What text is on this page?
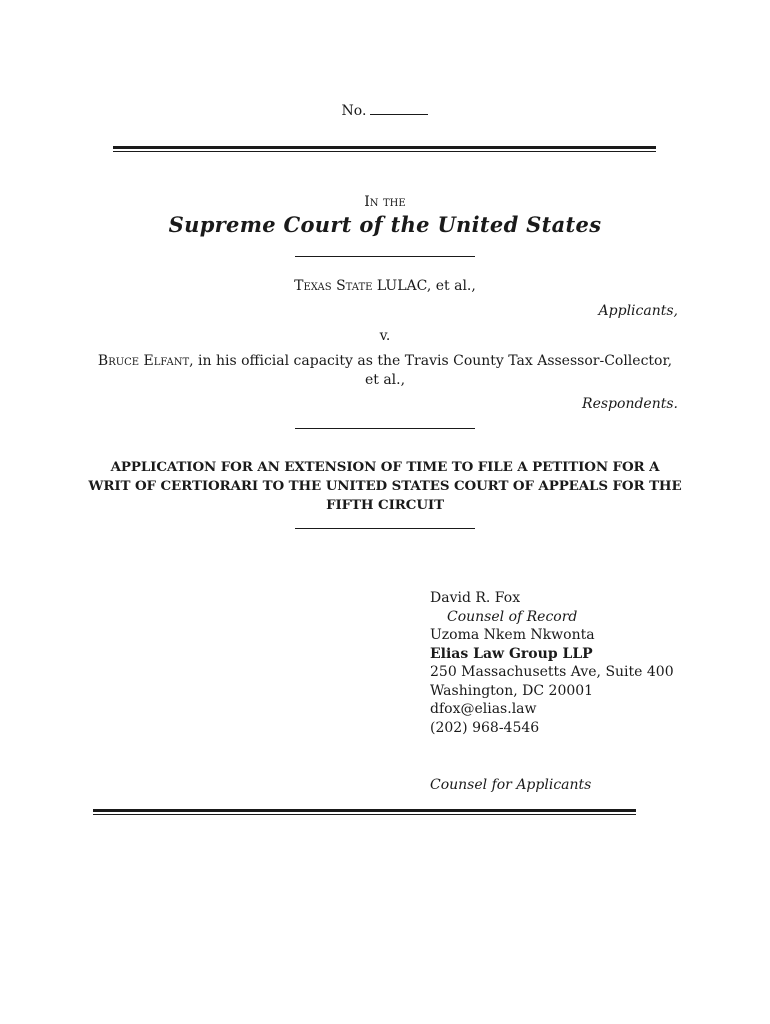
No.
In the
Supreme Court of the United States
Texas State LULAC, et al.,
Applicants,
v.
Bruce Elfant, in his official capacity as the Travis County Tax Assessor-Collector, et al.,
Respondents.
APPLICATION FOR AN EXTENSION OF TIME TO FILE A PETITION FOR A WRIT OF CERTIORARI TO THE UNITED STATES COURT OF APPEALS FOR THE FIFTH CIRCUIT
David R. Fox
Counsel of Record
Uzoma Nkem Nkwonta
Elias Law Group LLP
250 Massachusetts Ave, Suite 400
Washington, DC 20001
dfox@elias.law
(202) 968-4546
Counsel for Applicants
